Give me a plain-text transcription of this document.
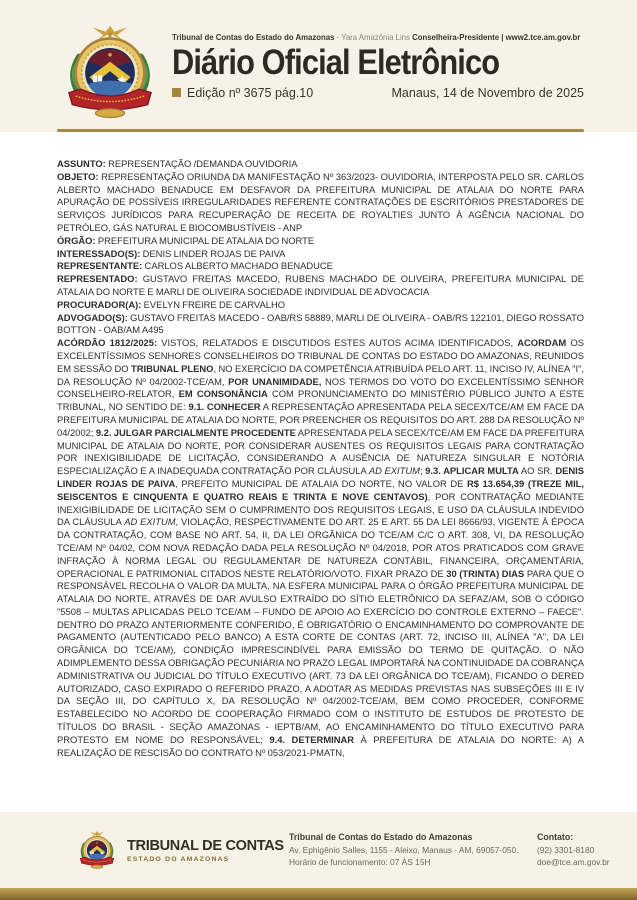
Tribunal de Contas do Estado do Amazonas - Yara Amazônia Lins Conselheira-Presidente | www2.tce.am.gov.br
Diário Oficial Eletrônico
Edição nº 3675 pág.10	Manaus, 14 de Novembro de 2025

ASSUNTO: REPRESENTAÇÃO /DEMANDA OUVIDORIA

OBJETO: REPRESENTAÇÃO ORIUNDA DA MANIFESTAÇÃO Nº 363/2023- OUVIDORIA, INTERPOSTA PELO SR. CARLOS ALBERTO MACHADO BENADUCE EM DESFAVOR DA PREFEITURA MUNICIPAL DE ATALAIA DO NORTE PARA APURAÇÃO DE POSSÍVEIS IRREGULARIDADES REFERENTE CONTRATAÇÕES DE ESCRITÓRIOS PRESTADORES DE SERVIÇOS JURÍDICOS PARA RECUPERAÇÃO DE RECEITA DE ROYALTIES JUNTO À AGÊNCIA NACIONAL DO PETRÓLEO, GÁS NATURAL E BIOCOMBUSTÍVEIS - ANP

ÓRGÃO: PREFEITURA MUNICIPAL DE ATALAIA DO NORTE

INTERESSADO(S): DENIS LINDER ROJAS DE PAIVA

REPRESENTANTE: CARLOS ALBERTO MACHADO BENADUCE

REPRESENTADO: GUSTAVO FREITAS MACEDO, RUBENS MACHADO DE OLIVEIRA, PREFEITURA MUNICIPAL DE ATALAIA DO NORTE E MARLI DE OLIVEIRA SOCIEDADE INDIVIDUAL DE ADVOCACIA

PROCURADOR(A): EVELYN FREIRE DE CARVALHO

ADVOGADO(S): GUSTAVO FREITAS MACEDO - OAB/RS 58889, MARLI DE OLIVEIRA - OAB/RS 122101, DIEGO ROSSATO BOTTON - OAB/AM A495

ACÓRDÃO 1812/2025: VISTOS, RELATADOS E DISCUTIDOS ESTES AUTOS ACIMA IDENTIFICADOS, ACORDAM OS EXCELENTÍSSIMOS SENHORES CONSELHEIROS DO TRIBUNAL DE CONTAS DO ESTADO DO AMAZONAS, REUNIDOS EM SESSÃO DO TRIBUNAL PLENO, NO EXERCÍCIO DA COMPETÊNCIA ATRIBUÍDA PELO ART. 11, INCISO IV, ALÍNEA "I", DA RESOLUÇÃO Nº 04/2002-TCE/AM, POR UNANIMIDADE, NOS TERMOS DO VOTO DO EXCELENTÍSSIMO SENHOR CONSELHEIRO-RELATOR, EM CONSONÂNCIA COM PRONUNCIAMENTO DO MINISTÉRIO PÚBLICO JUNTO A ESTE TRIBUNAL, NO SENTIDO DE: 9.1. CONHECER A REPRESENTAÇÃO APRESENTADA PELA SECEX/TCE/AM EM FACE DA PREFEITURA MUNICIPAL DE ATALAIA DO NORTE, POR PREENCHER OS REQUISITOS DO ART. 288 DA RESOLUÇÃO Nº 04/2002; 9.2. JULGAR PARCIALMENTE PROCEDENTE APRESENTADA PELA SECEX/TCE/AM EM FACE DA PREFEITURA MUNICIPAL DE ATALAIA DO NORTE, POR CONSIDERAR AUSENTES OS REQUISITOS LEGAIS PARA CONTRATAÇÃO POR INEXIGIBILIDADE DE LICITAÇÃO, CONSIDERANDO A AUSÊNCIA DE NATUREZA SINGULAR E NOTÓRIA ESPECIALIZAÇÃO E A INADEQUADA CONTRATAÇÃO POR CLÁUSULA AD EXITUM; 9.3. APLICAR MULTA AO SR. DENIS LINDER ROJAS DE PAIVA, PREFEITO MUNICIPAL DE ATALAIA DO NORTE, NO VALOR DE R$ 13.654,39 (TREZE MIL, SEISCENTOS E CINQUENTA E QUATRO REAIS E TRINTA E NOVE CENTAVOS), POR CONTRATAÇÃO MEDIANTE INEXIGIBILIDADE DE LICITAÇÃO SEM O CUMPRIMENTO DOS REQUISITOS LEGAIS, E USO DA CLÁUSULA INDEVIDO DA CLÁUSULA AD EXITUM, VIOLAÇÃO, RESPECTIVAMENTE DO ART. 25 E ART. 55 DA LEI 8666/93, VIGENTE À ÉPOCA DA CONTRATAÇÃO, COM BASE NO ART. 54, II, DA LEI ORGÂNICA DO TCE/AM C/C O ART. 308, VI, DA RESOLUÇÃO TCE/AM Nº 04/02, COM NOVA REDAÇÃO DADA PELA RESOLUÇÃO Nº 04/2018, POR ATOS PRATICADOS COM GRAVE INFRAÇÃO À NORMA LEGAL OU REGULAMENTAR DE NATUREZA CONTÁBIL, FINANCEIRA, ORÇAMENTÁRIA, OPERACIONAL E PATRIMONIAL CITADOS NESTE RELATÓRIO/VOTO. FIXAR PRAZO DE 30 (TRINTA) DIAS PARA QUE O RESPONSÁVEL RECOLHA O VALOR DA MULTA, NA ESFERA MUNICIPAL PARA O ÓRGÃO PREFEITURA MUNICIPAL DE ATALAIA DO NORTE, ATRAVÉS DE DAR AVULSO EXTRAÍDO DO SÍTIO ELETRÔNICO DA SEFAZ/AM, SOB O CÓDIGO "5508 – MULTAS APLICADAS PELO TCE/AM – FUNDO DE APOIO AO EXERCÍCIO DO CONTROLE EXTERNO – FAECE". DENTRO DO PRAZO ANTERIORMENTE CONFERIDO, É OBRIGATÓRIO O ENCAMINHAMENTO DO COMPROVANTE DE PAGAMENTO (AUTENTICADO PELO BANCO) A ESTA CORTE DE CONTAS (ART. 72, INCISO III, ALÍNEA "A", DA LEI ORGÂNICA DO TCE/AM), CONDIÇÃO IMPRESCINDÍVEL PARA EMISSÃO DO TERMO DE QUITAÇÃO. O NÃO ADIMPLEMENTO DESSA OBRIGAÇÃO PECUNIÁRIA NO PRAZO LEGAL IMPORTARÁ NA CONTINUIDADE DA COBRANÇA ADMINISTRATIVA OU JUDICIAL DO TÍTULO EXECUTIVO (ART. 73 DA LEI ORGÂNICA DO TCE/AM), FICANDO O DERED AUTORIZADO, CASO EXPIRADO O REFERIDO PRAZO, A ADOTAR AS MEDIDAS PREVISTAS NAS SUBSEÇÕES III E IV DA SEÇÃO III, DO CAPÍTULO X, DA RESOLUÇÃO Nº 04/2002-TCE/AM, BEM COMO PROCEDER, CONFORME ESTABELECIDO NO ACORDO DE COOPERAÇÃO FIRMADO COM O INSTITUTO DE ESTUDOS DE PROTESTO DE TÍTULOS DO BRASIL - SEÇÃO AMAZONAS - IEPTB/AM, AO ENCAMINHAMENTO DO TÍTULO EXECUTIVO PARA PROTESTO EM NOME DO RESPONSÁVEL; 9.4. DETERMINAR À PREFEITURA DE ATALAIA DO NORTE: A) A REALIZAÇÃO DE RESCISÃO DO CONTRATO Nº 053/2021-PMATN,

TRIBUNAL DE CONTAS
ESTADO DO AMAZONAS
Tribunal de Contas do Estado do Amazonas
Av. Ephigênio Salles, 1155 - Aleixo, Manaus - AM, 69057-050.
Horário de funcionamento: 07 ÀS 15H
Contato:
(92) 3301-8180
doe@tce.am.gov.br
